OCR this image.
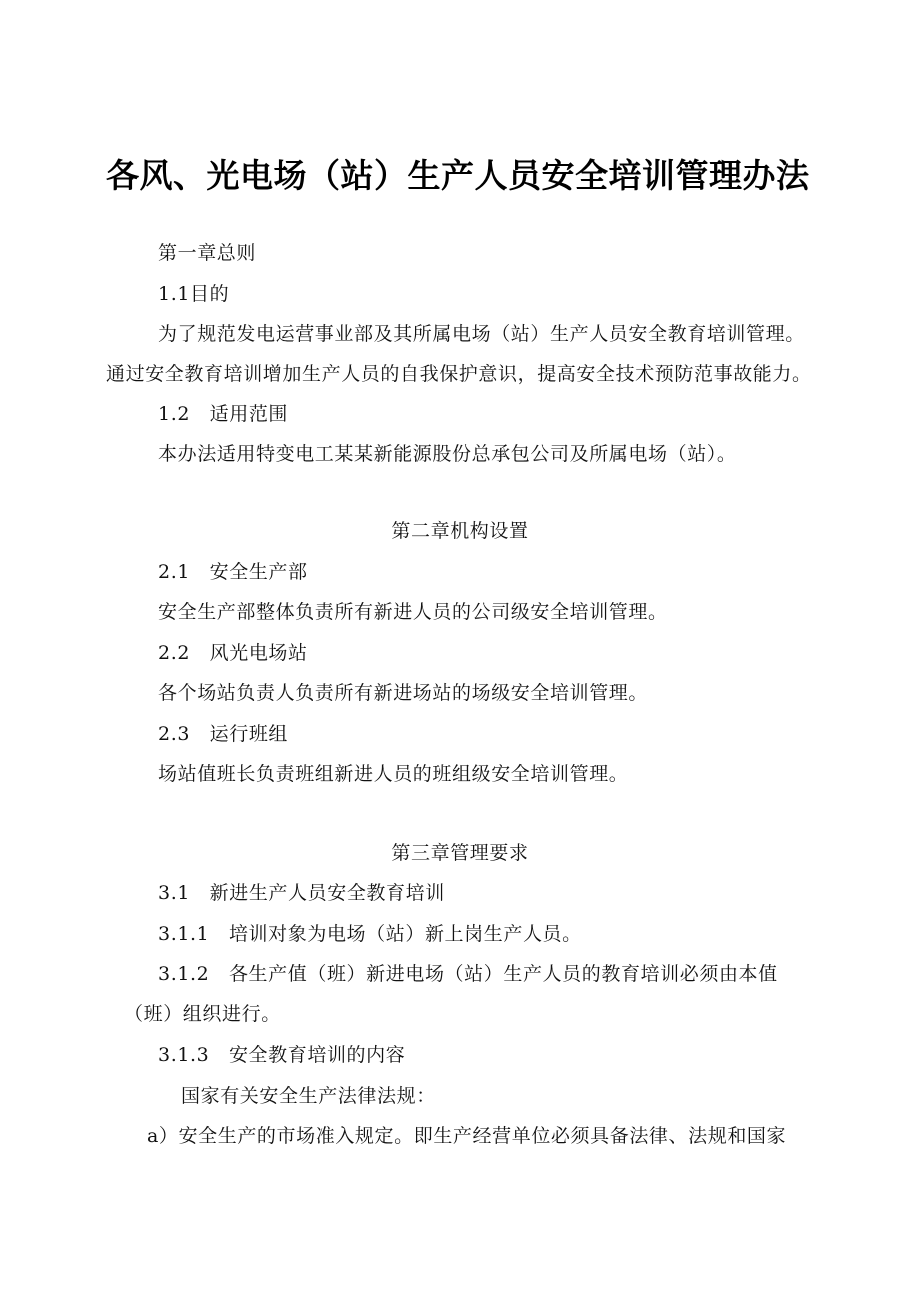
各风、光电场（站）生产人员安全培训管理办法
第一章总则
1.1目的
为了规范发电运营事业部及其所属电场（站）生产人员安全教育培训管理。
通过安全教育培训增加生产人员的自我保护意识，提高安全技术预防范事故能力。
1.2　适用范围
本办法适用特变电工某某新能源股份总承包公司及所属电场（站）。
第二章机构设置
2.1　安全生产部
安全生产部整体负责所有新进人员的公司级安全培训管理。
2.2　风光电场站
各个场站负责人负责所有新进场站的场级安全培训管理。
2.3　运行班组
场站值班长负责班组新进人员的班组级安全培训管理。
第三章管理要求
3.1　新进生产人员安全教育培训
3.1.1　培训对象为电场（站）新上岗生产人员。
3.1.2　各生产值（班）新进电场（站）生产人员的教育培训必须由本值
（班）组织进行。
3.1.3　安全教育培训的内容
国家有关安全生产法律法规：
a）安全生产的市场准入规定。即生产经营单位必须具备法律、法规和国家
